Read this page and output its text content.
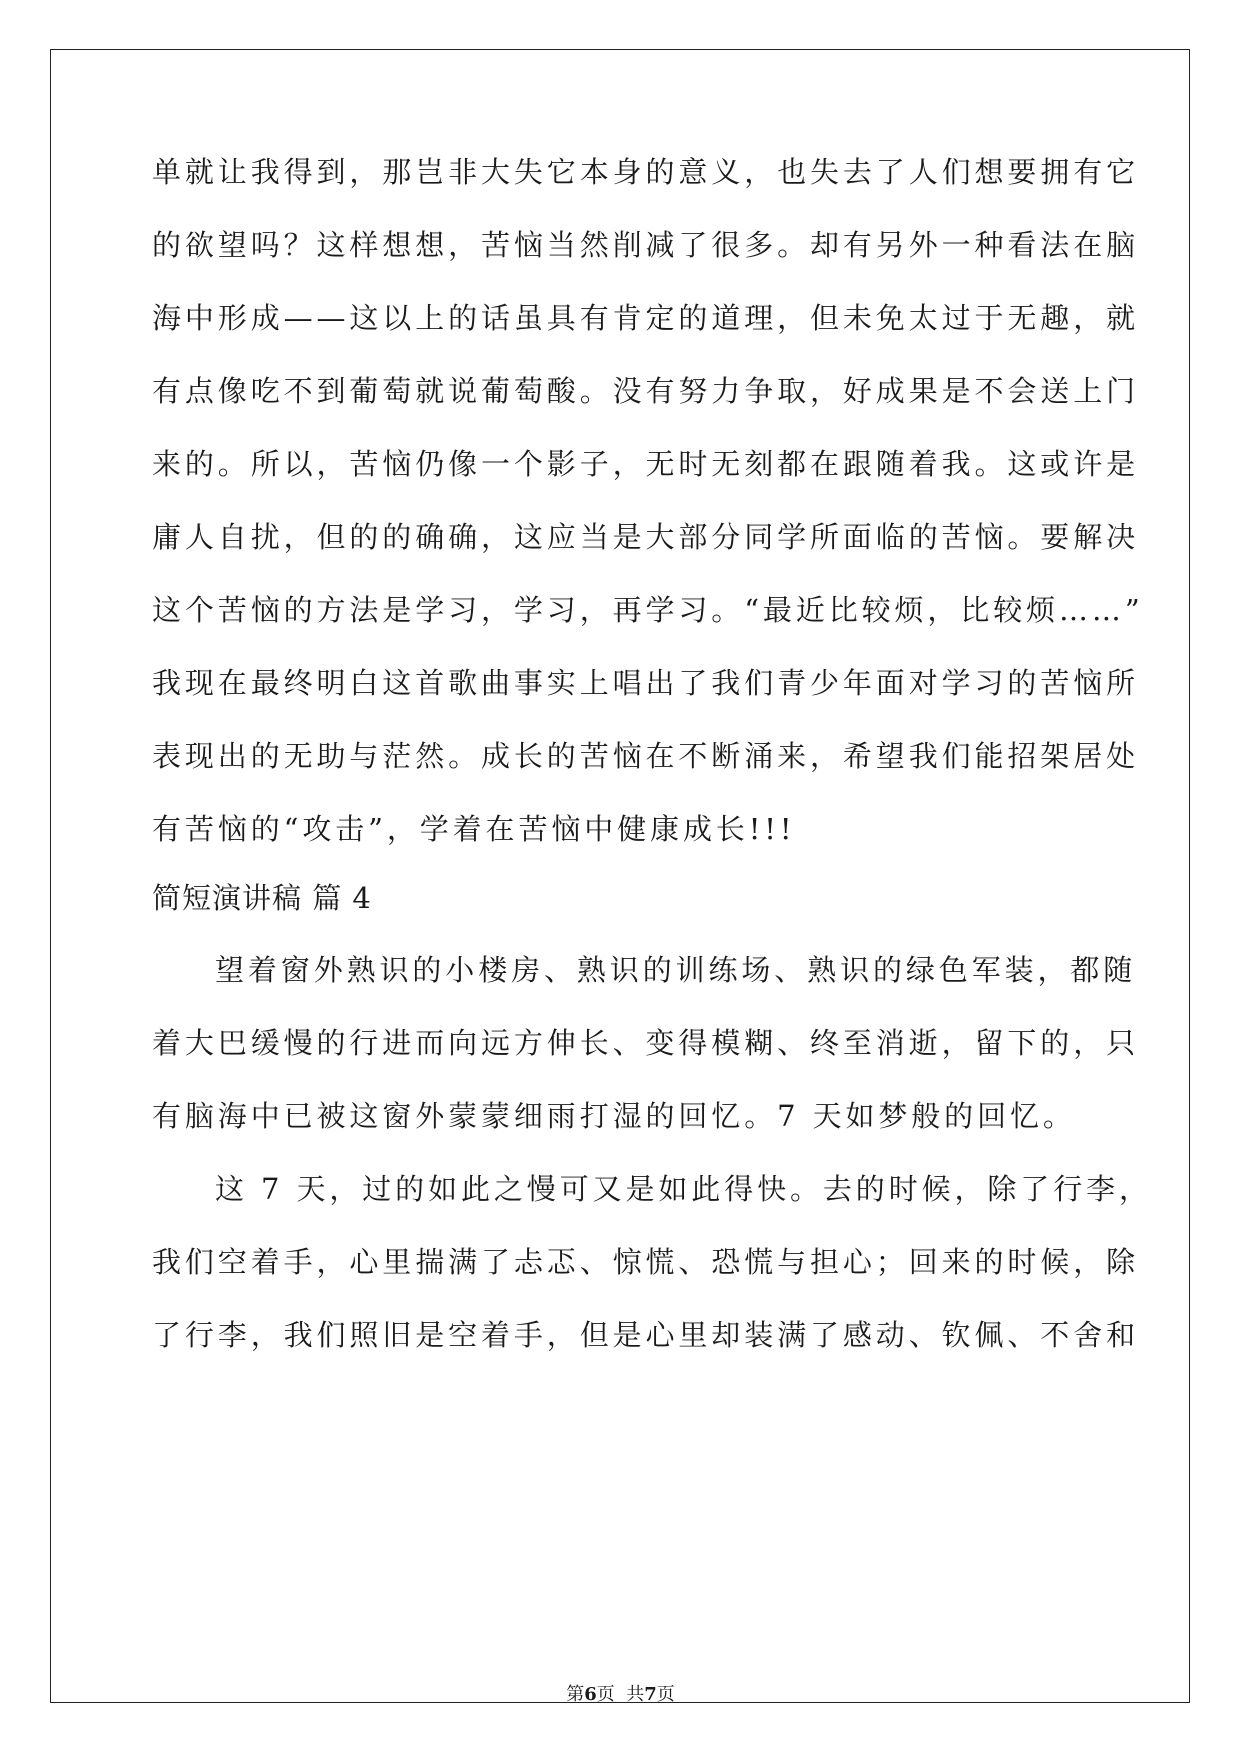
单就让我得到，那岂非大失它本身的意义，也失去了人们想要拥有它
的欲望吗？这样想想，苦恼当然削减了很多。却有另外一种看法在脑
海中形成——这以上的话虽具有肯定的道理，但未免太过于无趣，就
有点像吃不到葡萄就说葡萄酸。没有努力争取，好成果是不会送上门
来的。所以，苦恼仍像一个影子，无时无刻都在跟随着我。这或许是
庸人自扰，但的的确确，这应当是大部分同学所面临的苦恼。要解决
这个苦恼的方法是学习，学习，再学习。“最近比较烦，比较烦……”
我现在最终明白这首歌曲事实上唱出了我们青少年面对学习的苦恼所
表现出的无助与茫然。成长的苦恼在不断涌来，希望我们能招架居处
有苦恼的“攻击”，学着在苦恼中健康成长!!!
简短演讲稿 篇 4
望着窗外熟识的小楼房、熟识的训练场、熟识的绿色军装，都随
着大巴缓慢的行进而向远方伸长、变得模糊、终至消逝，留下的，只
有脑海中已被这窗外蒙蒙细雨打湿的回忆。7 天如梦般的回忆。
这 7 天，过的如此之慢可又是如此得快。去的时候，除了行李，
我们空着手，心里揣满了忐忑、惊慌、恐慌与担心；回来的时候，除
了行李，我们照旧是空着手，但是心里却装满了感动、钦佩、不舍和
第6页  共7页
